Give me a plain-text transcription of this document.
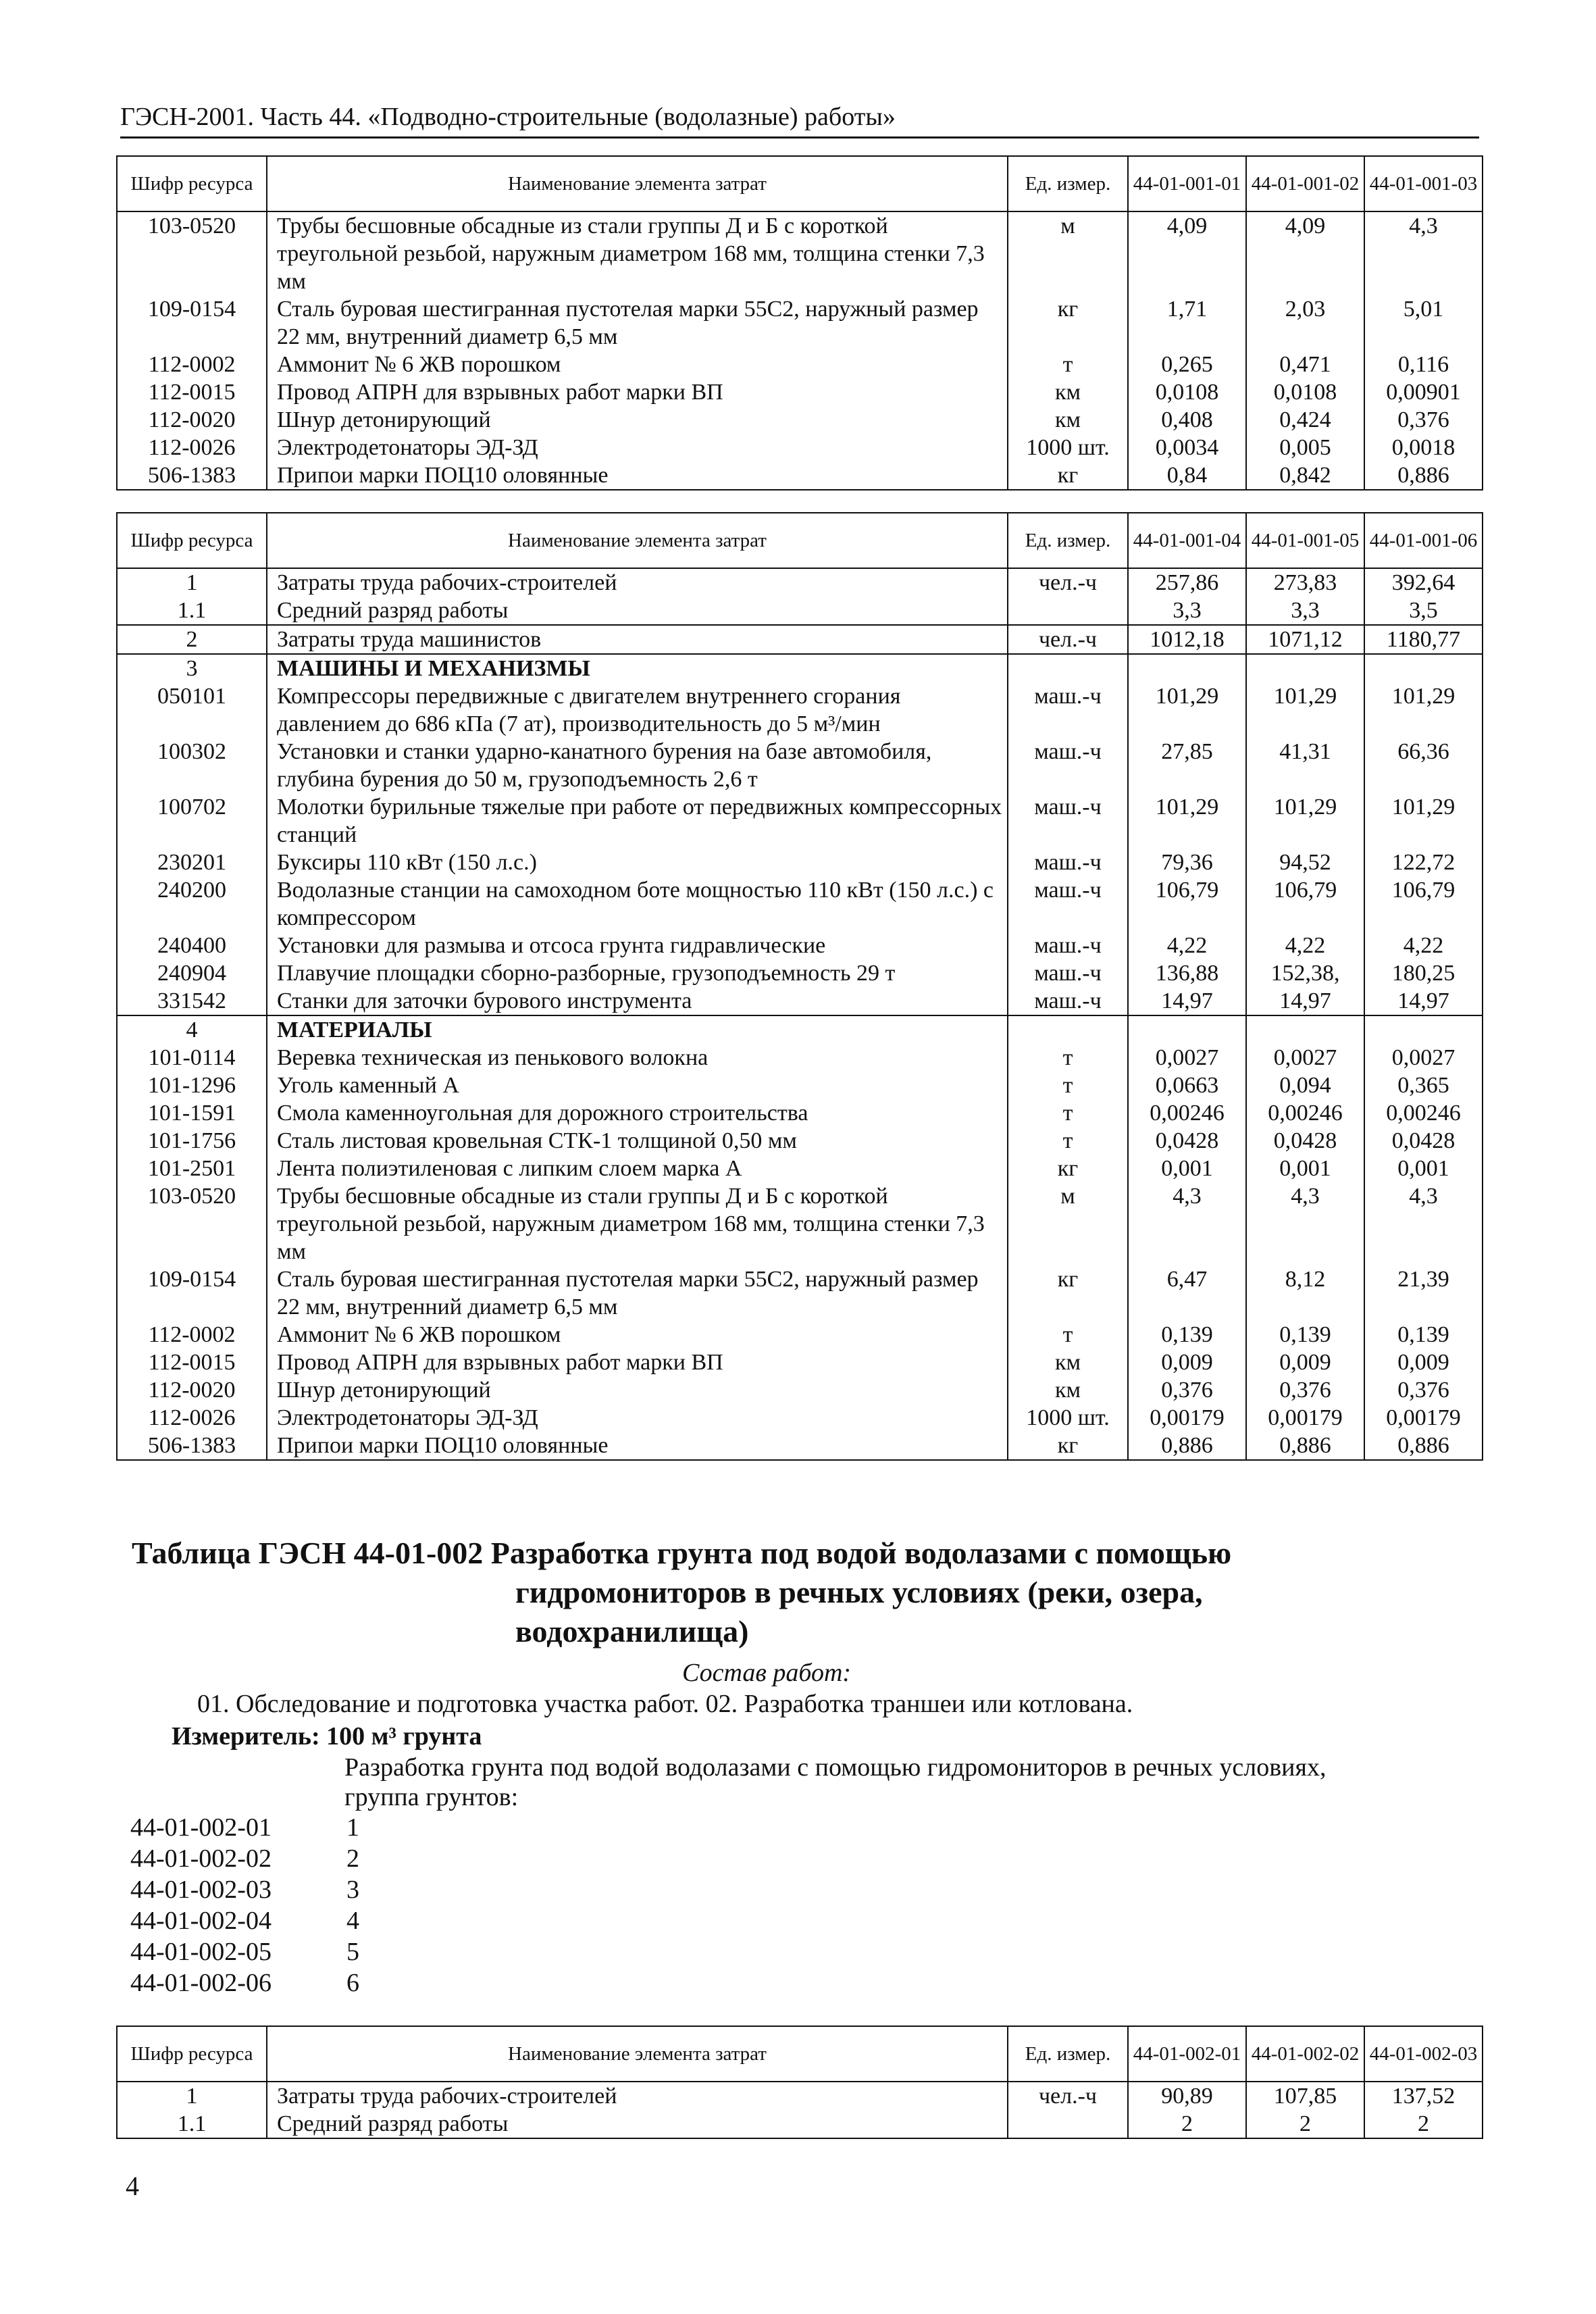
ГЭСН-2001. Часть 44. «Подводно-строительные (водолазные) работы»
Шифр ресурса	Наименование элемента затрат	Ед. измер.	44-01-001-01	44-01-001-02	44-01-001-03
103-0520	Трубы бесшовные обсадные из стали группы Д и Б с короткой треугольной резьбой, наружным диаметром 168 мм, толщина стенки 7,3 мм	м	4,09	4,09	4,3
109-0154	Сталь буровая шестигранная пустотелая марки 55С2, наружный размер 22 мм, внутренний диаметр 6,5 мм	кг	1,71	2,03	5,01
112-0002	Аммонит № 6 ЖВ порошком	т	0,265	0,471	0,116
112-0015	Провод АПРН для взрывных работ марки ВП	км	0,0108	0,0108	0,00901
112-0020	Шнур детонирующий	км	0,408	0,424	0,376
112-0026	Электродетонаторы ЭД-ЗД	1000 шт.	0,0034	0,005	0,0018
506-1383	Припои марки ПОЦ10 оловянные	кг	0,84	0,842	0,886
Шифр ресурса	Наименование элемента затрат	Ед. измер.	44-01-001-04	44-01-001-05	44-01-001-06
1	Затраты труда рабочих-строителей	чел.-ч	257,86	273,83	392,64
1.1	Средний разряд работы		3,3	3,3	3,5
2	Затраты труда машинистов	чел.-ч	1012,18	1071,12	1180,77
3	МАШИНЫ И МЕХАНИЗМЫ				
050101	Компрессоры передвижные с двигателем внутреннего сгорания давлением до 686 кПа (7 ат), производительность до 5 м³/мин	маш.-ч	101,29	101,29	101,29
100302	Установки и станки ударно-канатного бурения на базе автомобиля, глубина бурения до 50 м, грузоподъемность 2,6 т	маш.-ч	27,85	41,31	66,36
100702	Молотки бурильные тяжелые при работе от передвижных компрессорных станций	маш.-ч	101,29	101,29	101,29
230201	Буксиры 110 кВт (150 л.с.)	маш.-ч	79,36	94,52	122,72
240200	Водолазные станции на самоходном боте мощностью 110 кВт (150 л.с.) с компрессором	маш.-ч	106,79	106,79	106,79
240400	Установки для размыва и отсоса грунта гидравлические	маш.-ч	4,22	4,22	4,22
240904	Плавучие площадки сборно-разборные, грузоподъемность 29 т	маш.-ч	136,88	152,38,	180,25
331542	Станки для заточки бурового инструмента	маш.-ч	14,97	14,97	14,97
4	МАТЕРИАЛЫ				
101-0114	Веревка техническая из пенькового волокна	т	0,0027	0,0027	0,0027
101-1296	Уголь каменный А	т	0,0663	0,094	0,365
101-1591	Смола каменноугольная для дорожного строительства	т	0,00246	0,00246	0,00246
101-1756	Сталь листовая кровельная СТК-1 толщиной 0,50 мм	т	0,0428	0,0428	0,0428
101-2501	Лента полиэтиленовая с липким слоем марка А	кг	0,001	0,001	0,001
103-0520	Трубы бесшовные обсадные из стали группы Д и Б с короткой треугольной резьбой, наружным диаметром 168 мм, толщина стенки 7,3 мм	м	4,3	4,3	4,3
109-0154	Сталь буровая шестигранная пустотелая марки 55С2, наружный размер 22 мм, внутренний диаметр 6,5 мм	кг	6,47	8,12	21,39
112-0002	Аммонит № 6 ЖВ порошком	т	0,139	0,139	0,139
112-0015	Провод АПРН для взрывных работ марки ВП	км	0,009	0,009	0,009
112-0020	Шнур детонирующий	км	0,376	0,376	0,376
112-0026	Электродетонаторы ЭД-ЗД	1000 шт.	0,00179	0,00179	0,00179
506-1383	Припои марки ПОЦ10 оловянные	кг	0,886	0,886	0,886
Таблица ГЭСН 44-01-002 Разработка грунта под водой водолазами с помощью
гидромониторов в речных условиях (реки, озера,
водохранилища)
Состав работ:
01. Обследование и подготовка участка работ. 02. Разработка траншеи или котлована.
Измеритель: 100 м³ грунта
Разработка грунта под водой водолазами с помощью гидромониторов в речных условиях, группа грунтов:
44-01-002-01	1
44-01-002-02	2
44-01-002-03	3
44-01-002-04	4
44-01-002-05	5
44-01-002-06	6
Шифр ресурса	Наименование элемента затрат	Ед. измер.	44-01-002-01	44-01-002-02	44-01-002-03
1	Затраты труда рабочих-строителей	чел.-ч	90,89	107,85	137,52
1.1	Средний разряд работы		2	2	2
4
